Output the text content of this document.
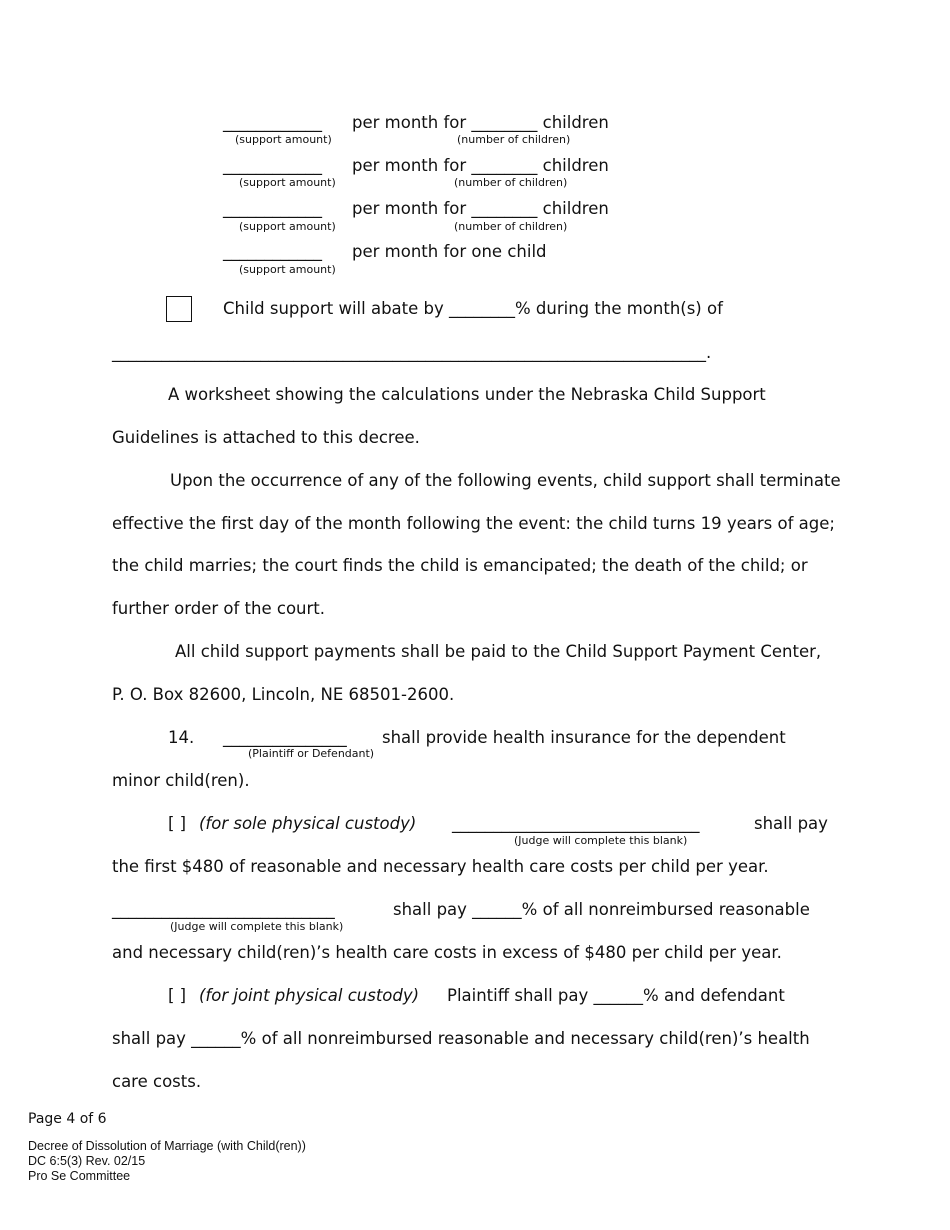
____________ per month for ________ children
(support amount)	(number of children)
____________ per month for ________ children
(support amount)	(number of children)
____________ per month for ________ children
(support amount)	(number of children)
____________ per month for one child
(support amount)
Child support will abate by ________% during the month(s) of
________________________________________________________________________.
A worksheet showing the calculations under the Nebraska Child Support
Guidelines is attached to this decree.
Upon the occurrence of any of the following events, child support shall terminate
effective the first day of the month following the event: the child turns 19 years of age;
the child marries; the court finds the child is emancipated; the death of the child; or
further order of the court.
All child support payments shall be paid to the Child Support Payment Center,
P. O. Box 82600, Lincoln, NE 68501-2600.
14. _______________ shall provide health insurance for the dependent
(Plaintiff or Defendant)
minor child(ren).
[ ] (for sole physical custody) ______________________________	shall pay
(Judge will complete this blank)
the first $480 of reasonable and necessary health care costs per child per year.
___________________________	shall pay ______% of all nonreimbursed reasonable
(Judge will complete this blank)
and necessary child(ren)’s health care costs in excess of $480 per child per year.
[ ] (for joint physical custody) Plaintiff shall pay ______% and defendant
shall pay ______% of all nonreimbursed reasonable and necessary child(ren)’s health
care costs.
Page 4 of 6
Decree of Dissolution of Marriage (with Child(ren))
DC 6:5(3) Rev. 02/15
Pro Se Committee
